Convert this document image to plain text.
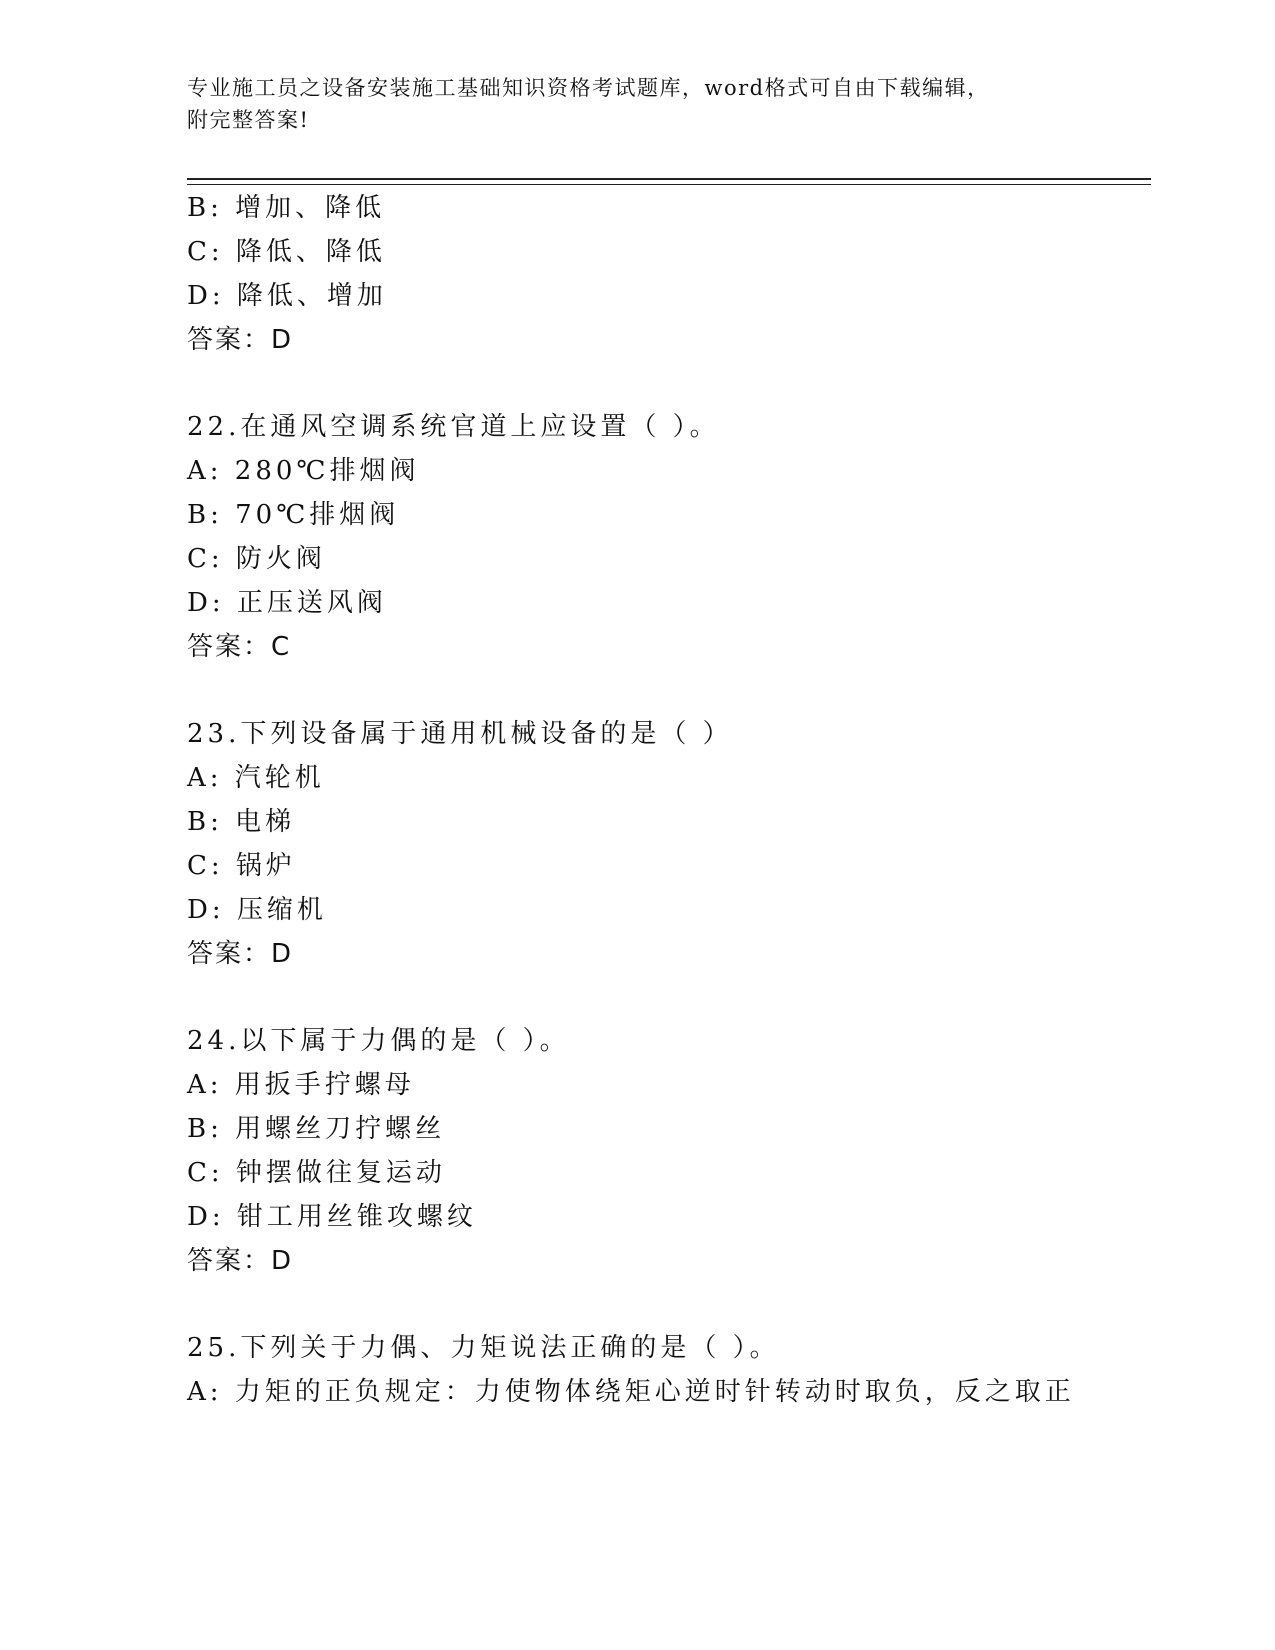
专业施工员之设备安装施工基础知识资格考试题库，word格式可自由下载编辑，
附完整答案!
B: 增加、降低
C: 降低、降低
D: 降低、增加
答案：D
22.在通风空调系统官道上应设置（ ）。
A: 280℃排烟阀
B: 70℃排烟阀
C: 防火阀
D: 正压送风阀
答案：C
23.下列设备属于通用机械设备的是（ ）
A: 汽轮机
B: 电梯
C: 锅炉
D: 压缩机
答案：D
24.以下属于力偶的是（ ）。
A: 用扳手拧螺母
B: 用螺丝刀拧螺丝
C: 钟摆做往复运动
D: 钳工用丝锥攻螺纹
答案：D
25.下列关于力偶、力矩说法正确的是（ ）。
A: 力矩的正负规定：力使物体绕矩心逆时针转动时取负，反之取正
